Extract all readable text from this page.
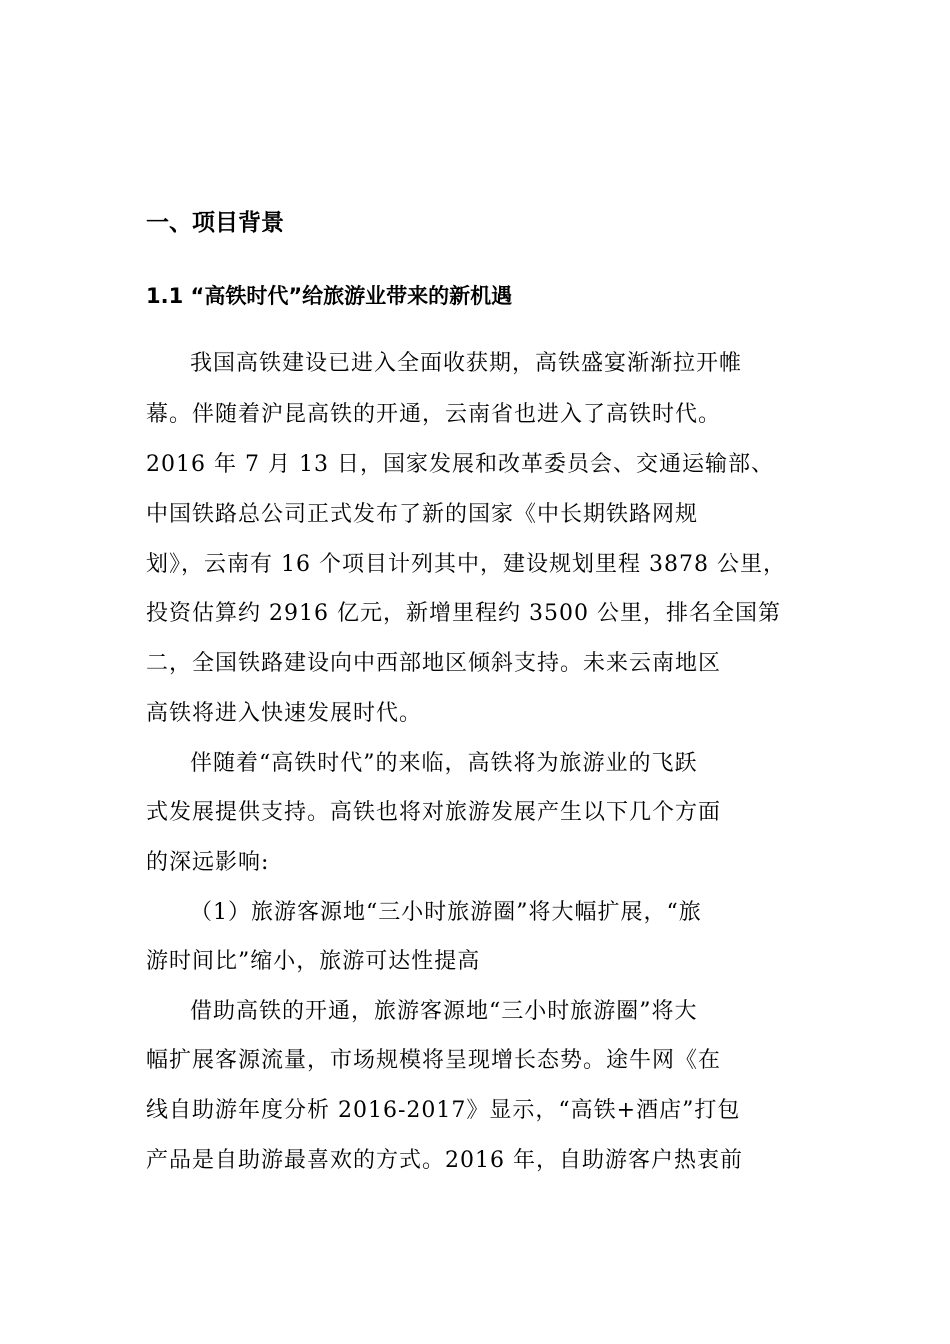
一、项目背景
1.1 “高铁时代”给旅游业带来的新机遇
我国高铁建设已进入全面收获期，高铁盛宴渐渐拉开帷
幕。伴随着沪昆高铁的开通，云南省也进入了高铁时代。
2016 年 7 月 13 日，国家发展和改革委员会、交通运输部、
中国铁路总公司正式发布了新的国家《中长期铁路网规
划》，云南有 16 个项目计列其中，建设规划里程 3878 公里，
投资估算约 2916 亿元，新增里程约 3500 公里，排名全国第
二，全国铁路建设向中西部地区倾斜支持。未来云南地区
高铁将进入快速发展时代。
伴随着“高铁时代”的来临，高铁将为旅游业的飞跃
式发展提供支持。高铁也将对旅游发展产生以下几个方面
的深远影响:
（1）旅游客源地“三小时旅游圈”将大幅扩展，“旅
游时间比”缩小，旅游可达性提高
借助高铁的开通，旅游客源地“三小时旅游圈”将大
幅扩展客源流量，市场规模将呈现增长态势。途牛网《在
线自助游年度分析 2016-2017》显示，“高铁+酒店”打包
产品是自助游最喜欢的方式。2016 年，自助游客户热衷前
